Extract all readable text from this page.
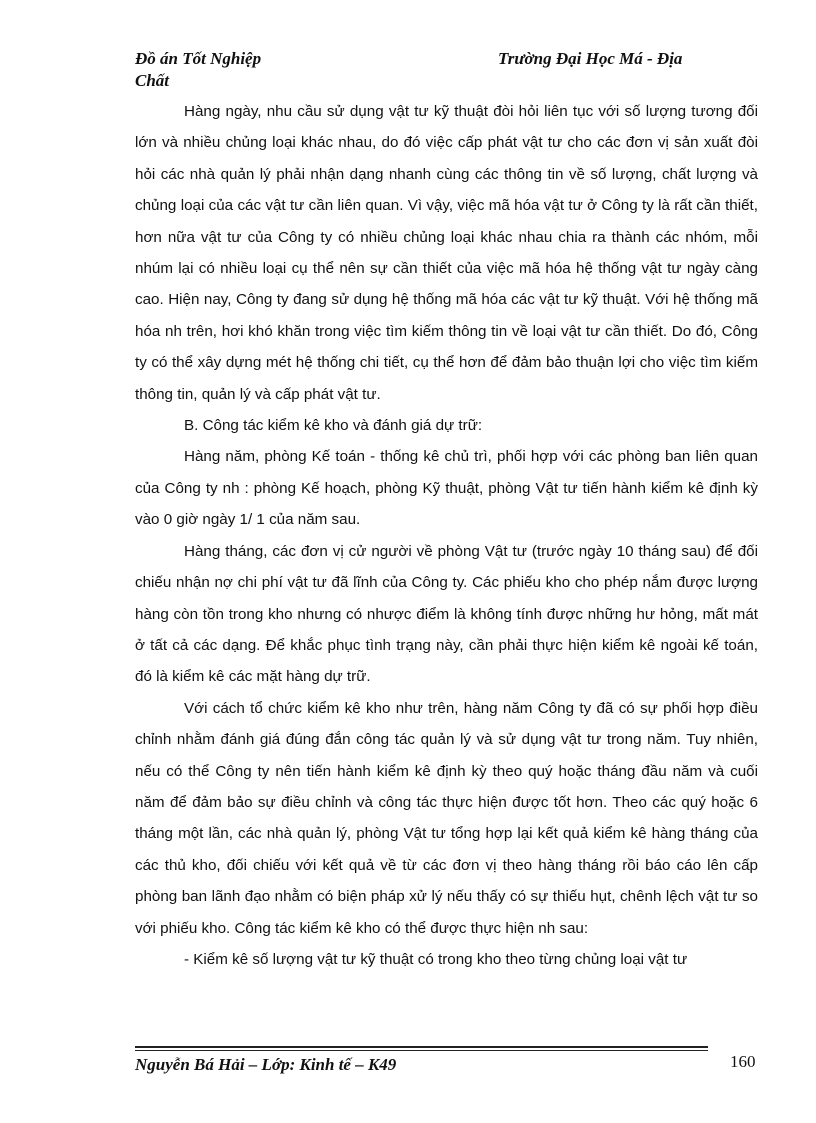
Đồ án Tốt Nghiệp	Trường Đại Học Má - Địa
Chất

Hàng ngày, nhu cầu sử dụng vật tư kỹ thuật đòi hỏi liên tục với số lượng tương đối lớn và nhiều chủng loại khác nhau, do đó việc cấp phát vật tư cho các đơn vị sản xuất đòi hỏi các nhà quản lý phải nhận dạng nhanh cùng các thông tin về số lượng, chất lượng và chủng loại của các vật tư cần liên quan. Vì vậy, việc mã hóa vật tư ở Công ty là rất cần thiết, hơn nữa vật tư của Công ty có nhiều chủng loại khác nhau chia ra thành các nhóm, mỗi nhúm lại có nhiều loại cụ thể nên sự cần thiết của việc mã hóa hệ thống vật tư ngày càng cao. Hiện nay, Công ty đang sử dụng hệ thống mã hóa các vật tư kỹ thuật. Với hệ thống mã hóa nh trên, hơi khó khăn trong việc tìm kiếm thông tin về loại vật tư cần thiết. Do đó, Công ty có thể xây dựng mét hệ thống chi tiết, cụ thể hơn để đảm bảo thuận lợi cho việc tìm kiếm thông tin, quản lý và cấp phát vật tư.

B. Công tác kiểm kê kho và đánh giá dự trữ:

Hàng năm, phòng Kế toán - thống kê chủ trì, phối hợp với các phòng ban liên quan của Công ty nh : phòng Kế hoạch, phòng Kỹ thuật, phòng Vật tư tiến hành kiểm kê định kỳ vào 0 giờ ngày 1/ 1 của năm sau.

Hàng tháng, các đơn vị cử người về phòng Vật tư (trước ngày 10 tháng sau) để đối chiếu nhận nợ chi phí vật tư đã lĩnh của Công ty. Các phiếu kho cho phép nắm được lượng hàng còn tồn trong kho nhưng có nhược điểm là không tính được những hư hỏng, mất mát ở tất cả các dạng. Để khắc phục tình trạng này, cần phải thực hiện kiểm kê ngoài kế toán, đó là kiểm kê các mặt hàng dự trữ.

Với cách tổ chức kiểm kê kho như trên, hàng năm Công ty đã có sự phối hợp điều chỉnh nhằm đánh giá đúng đắn công tác quản lý và sử dụng vật tư trong năm. Tuy nhiên, nếu có thể Công ty nên tiến hành kiểm kê định kỳ theo quý hoặc tháng đầu năm và cuối năm để đảm bảo sự điều chỉnh và công tác thực hiện được tốt hơn. Theo các quý hoặc 6 tháng một lần, các nhà quản lý, phòng Vật tư tổng hợp lại kết quả kiểm kê hàng tháng của các thủ kho, đối chiếu với kết quả về từ các đơn vị theo hàng tháng rồi báo cáo lên cấp phòng ban lãnh đạo nhằm có biện pháp xử lý nếu thấy có sự thiếu hụt, chênh lệch vật tư so với phiếu kho. Công tác kiểm kê kho có thể được thực hiện nh sau:

- Kiểm kê số lượng vật tư kỹ thuật có trong kho theo từng chủng loại vật tư

Nguyễn Bá Hải – Lớp: Kinh tế – K49	160
